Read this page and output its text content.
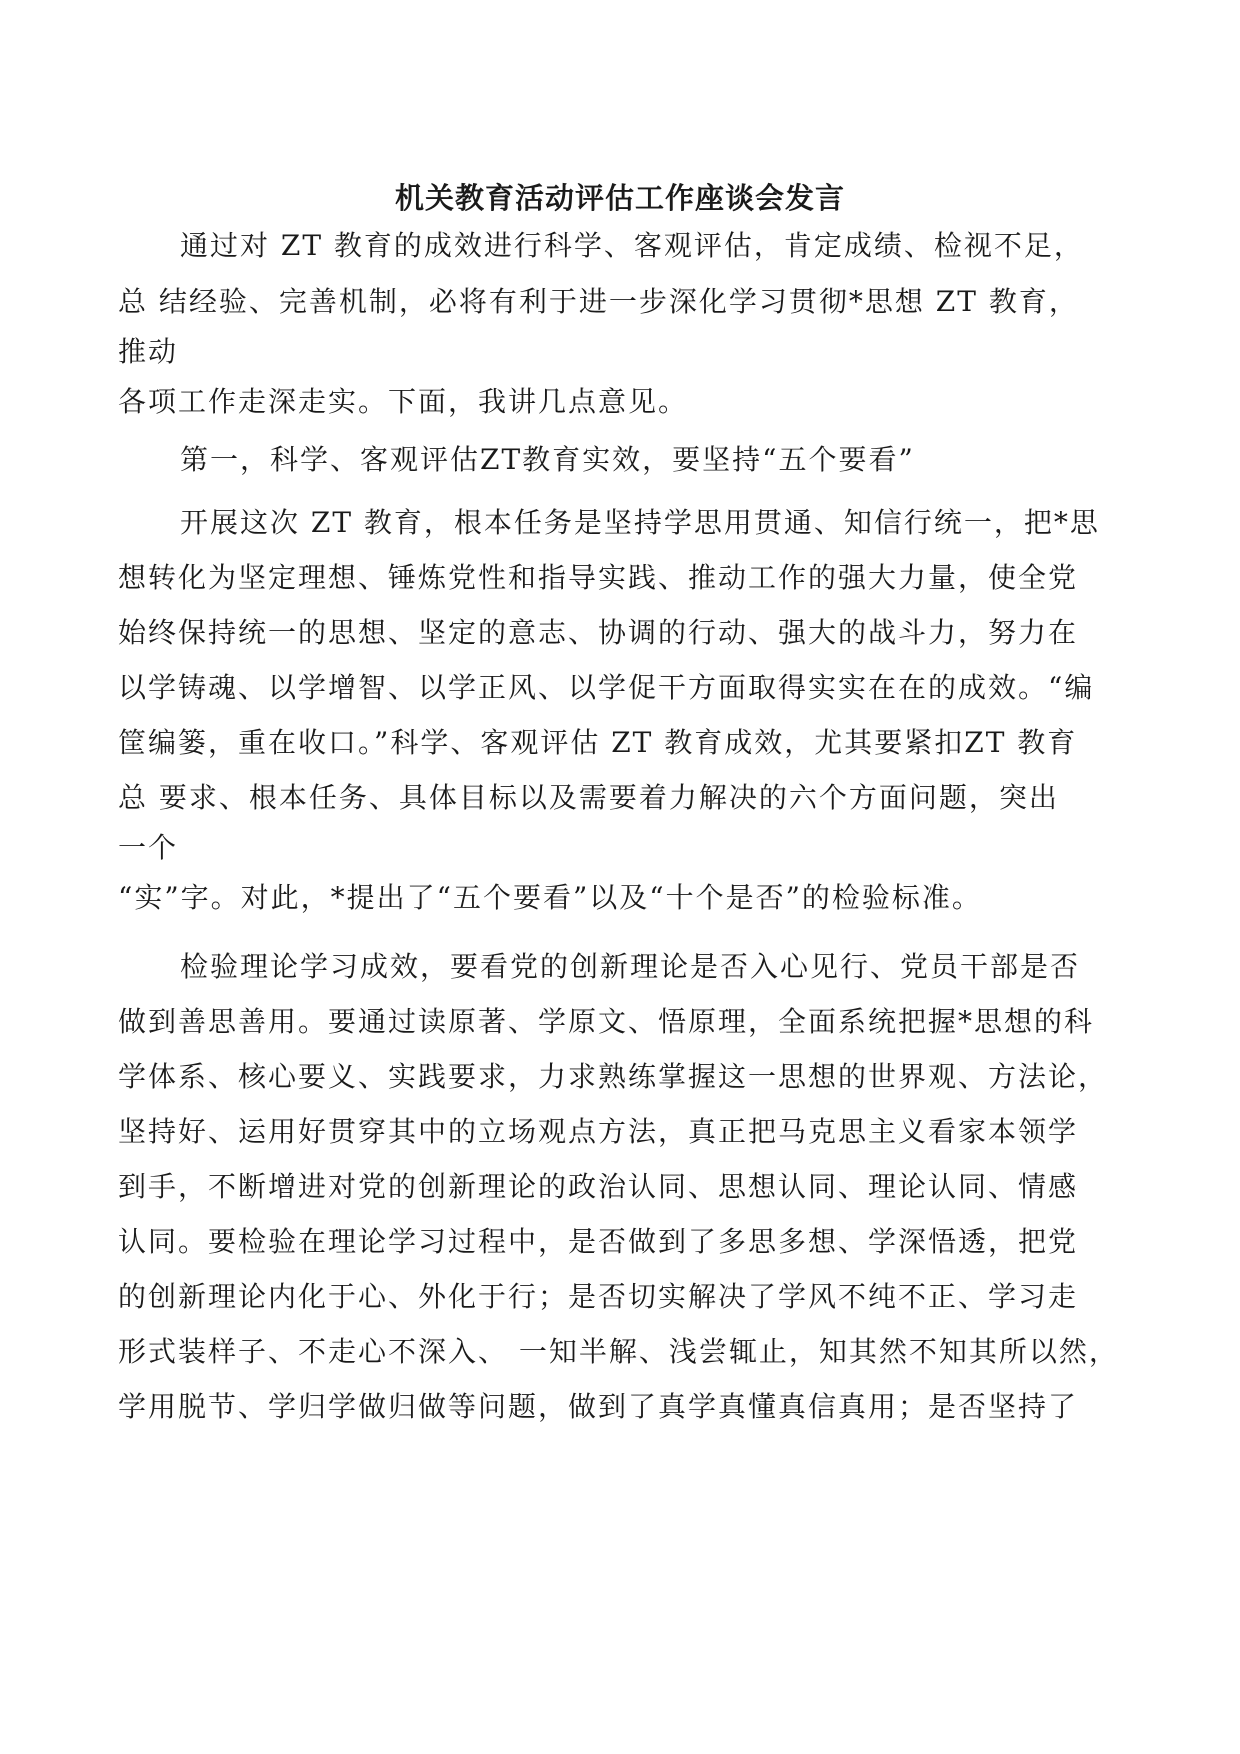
机关教育活动评估工作座谈会发言
通过对 ZT 教育的成效进行科学、客观评估，肯定成绩、检视不足，
总 结经验、完善机制，必将有利于进一步深化学习贯彻*思想 ZT 教育，
推动
各项工作走深走实。下面，我讲几点意见。
第一，科学、客观评估ZT教育实效，要坚持“五个要看”
开展这次 ZT 教育，根本任务是坚持学思用贯通、知信行统一，把*思
想转化为坚定理想、锤炼党性和指导实践、推动工作的强大力量，使全党
始终保持统一的思想、坚定的意志、协调的行动、强大的战斗力，努力在
以学铸魂、以学增智、以学正风、以学促干方面取得实实在在的成效。“编
筐编篓，重在收口。”科学、客观评估 ZT 教育成效，尤其要紧扣ZT 教育
总 要求、根本任务、具体目标以及需要着力解决的六个方面问题，突出
一个
“实”字。对此，*提出了“五个要看”以及“十个是否”的检验标准。
检验理论学习成效，要看党的创新理论是否入心见行、党员干部是否
做到善思善用。要通过读原著、学原文、悟原理，全面系统把握*思想的科
学体系、核心要义、实践要求，力求熟练掌握这一思想的世界观、方法论，
坚持好、运用好贯穿其中的立场观点方法，真正把马克思主义看家本领学
到手，不断增进对党的创新理论的政治认同、思想认同、理论认同、情感
认同。要检验在理论学习过程中，是否做到了多思多想、学深悟透，把党
的创新理论内化于心、外化于行；是否切实解决了学风不纯不正、学习走
形式装样子、不走心不深入、 一知半解、浅尝辄止，知其然不知其所以然，
学用脱节、学归学做归做等问题，做到了真学真懂真信真用；是否坚持了
